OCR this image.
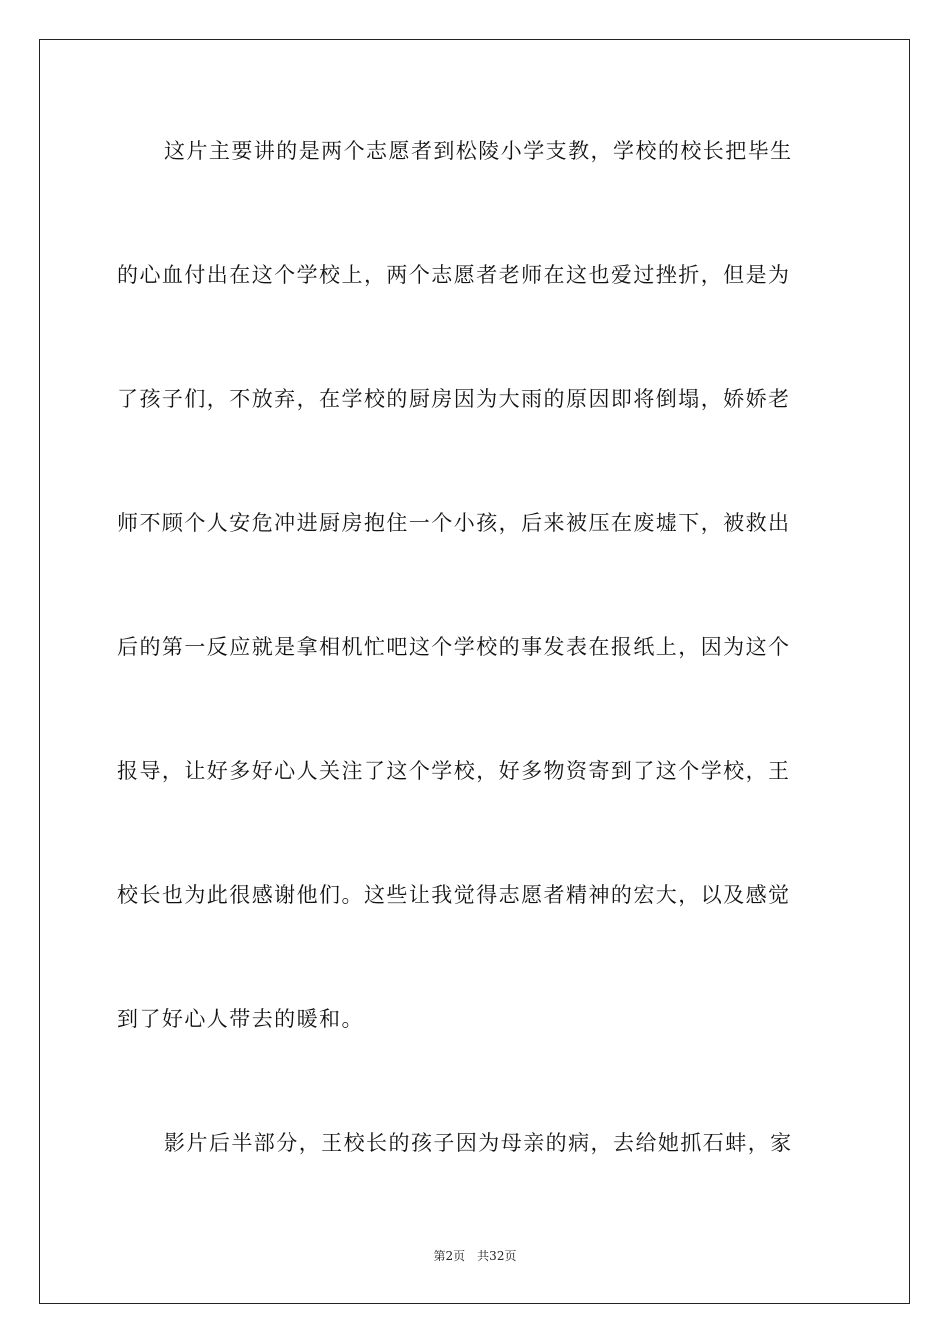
这片主要讲的是两个志愿者到松陵小学支教，学校的校长把毕生
的心血付出在这个学校上，两个志愿者老师在这也爱过挫折，但是为
了孩子们，不放弃，在学校的厨房因为大雨的原因即将倒塌，娇娇老
师不顾个人安危冲进厨房抱住一个小孩，后来被压在废墟下，被救出
后的第一反应就是拿相机忙吧这个学校的事发表在报纸上，因为这个
报导，让好多好心人关注了这个学校，好多物资寄到了这个学校，王
校长也为此很感谢他们。这些让我觉得志愿者精神的宏大，以及感觉
到了好心人带去的暖和。
影片后半部分，王校长的孩子因为母亲的病，去给她抓石蚌，家
第2页　共32页
